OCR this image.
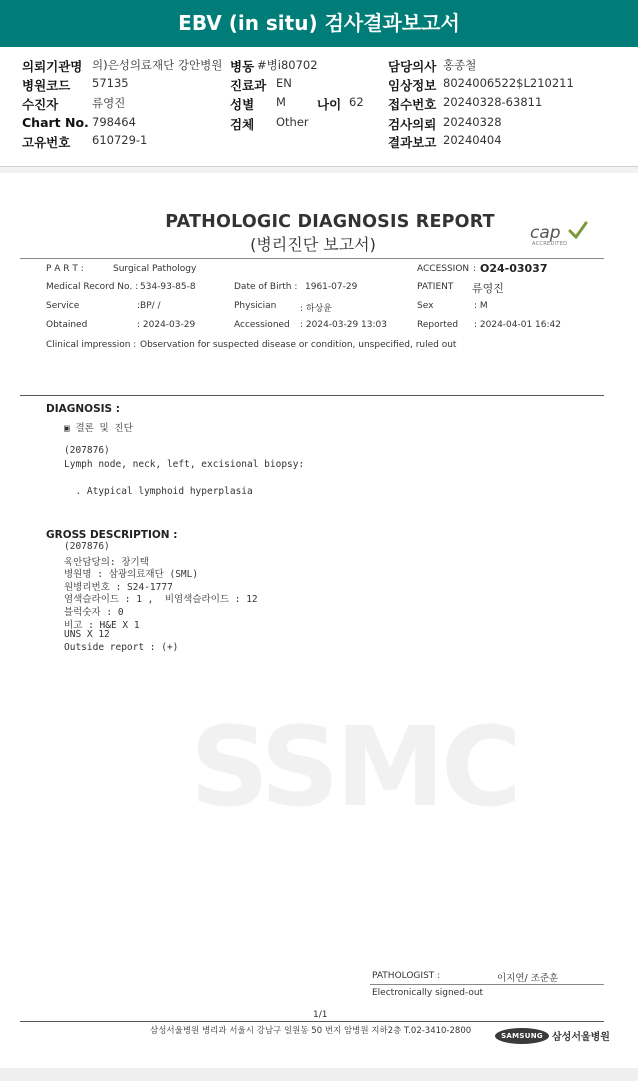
EBV (in situ) 검사결과보고서
의뢰기관명 의)은성의료재단 강안병원 병동 #병i80702	담당의사 홍종철
병원코드 57135	진료과 EN	임상정보 8024006522$L210211
수진자	류영진	성별 M 나이 62 접수번호 20240328-63811
Chart No. 798464	검체 Other	검사의뢰 20240328
고유번호 610729-1	결과보고 20240404
SSMC
PATHOLOGIC DIAGNOSIS REPORT
(병리진단 보고서)
cap
ACCREDITED
P A R T :	Surgical Pathology	ACCESSION : O24-03037
Medical Record No. : 534-93-85-8	Date of Birth : 1961-07-29	PATIENT 류영진
Service	:BP/ /	Physician	: 하상윤	Sex	: M
Obtained	: 2024-03-29	Accessioned : 2024-03-29 13:03	Reported : 2024-04-01 16:42
Clinical impression : Observation for suspected disease or condition, unspecified, ruled out
DIAGNOSIS :
▣ 결론 및 진단
(207876)
Lymph node, neck, left, excisional biopsy:
. Atypical lymphoid hyperplasia
GROSS DESCRIPTION :
(207876)
육안담당의: 장기택
병원명 : 삼광의료재단 (SML)
원병리번호 : S24-1777
염색슬라이드 : 1 ,  비염색슬라이드 : 12
블럭숫자 : 0
비고 : H&E X 1
UNS X 12
Outside report : (+)
PATHOLOGIST :	이지연/ 조준훈
Electronically signed-out
1/1
삼성서울병원 병리과 서울시 강남구 일원동 50 번지 암병원 지하2층 T.02-3410-2800	SAMSUNG 삼성서울병원
